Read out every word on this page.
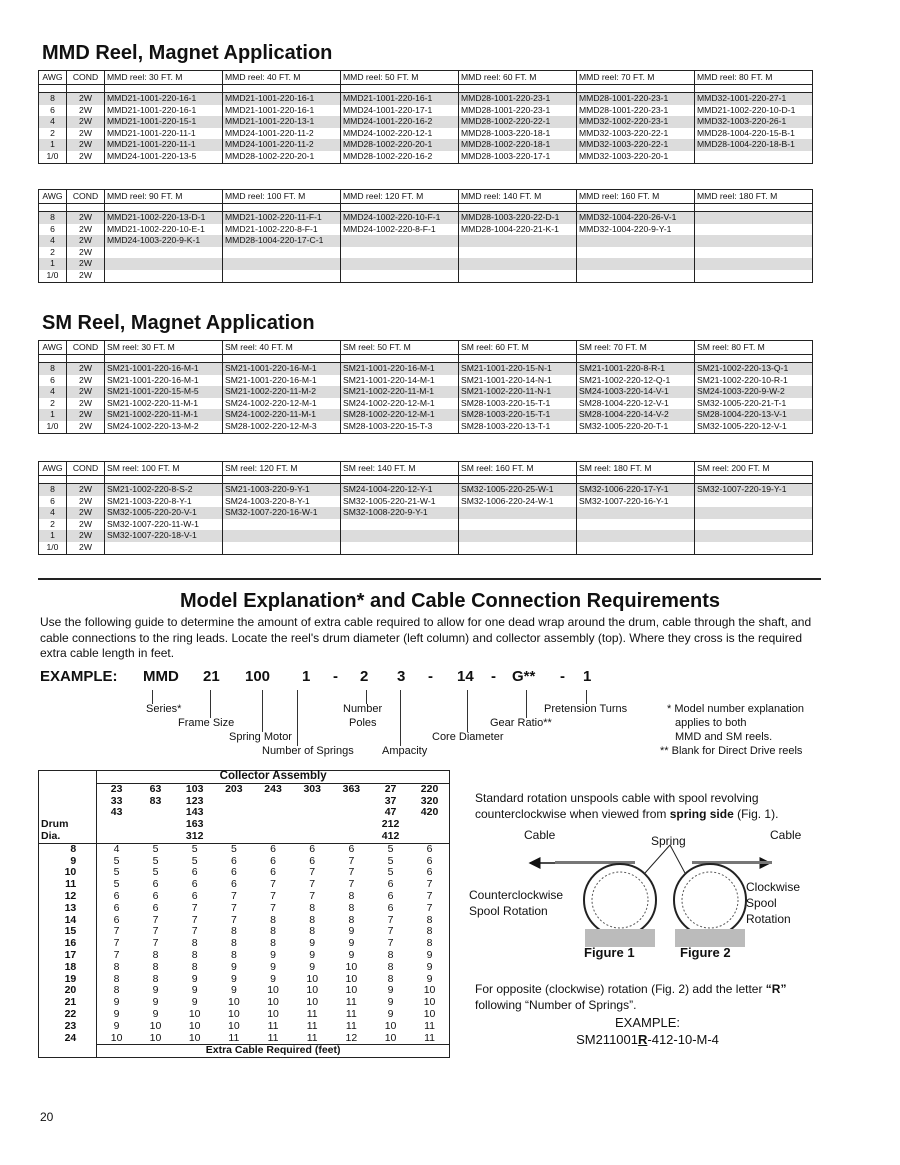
MMD Reel, Magnet Application
AWG	COND	MMD reel: 30 FT. M	MMD reel: 40 FT. M	MMD reel: 50 FT. M	MMD reel: 60 FT. M	MMD reel: 70 FT. M	MMD reel: 80 FT. M

8	2W	MMD21-1001-220-16-1	MMD21-1001-220-16-1	MMD21-1001-220-16-1	MMD28-1001-220-23-1	MMD28-1001-220-23-1	MMD32-1001-220-27-1
6	2W	MMD21-1001-220-16-1	MMD21-1001-220-16-1	MMD24-1001-220-17-1	MMD28-1001-220-23-1	MMD28-1001-220-23-1	MMD21-1002-220-10-D-1
4	2W	MMD21-1001-220-15-1	MMD21-1001-220-13-1	MMD24-1001-220-16-2	MMD28-1002-220-22-1	MMD32-1002-220-23-1	MMD32-1003-220-26-1
2	2W	MMD21-1001-220-11-1	MMD24-1001-220-11-2	MMD24-1002-220-12-1	MMD28-1003-220-18-1	MMD32-1003-220-22-1	MMD28-1004-220-15-B-1
1	2W	MMD21-1001-220-11-1	MMD24-1001-220-11-2	MMD28-1002-220-20-1	MMD28-1002-220-18-1	MMD32-1003-220-22-1	MMD28-1004-220-18-B-1
1/0	2W	MMD24-1001-220-13-5	MMD28-1002-220-20-1	MMD28-1002-220-16-2	MMD28-1003-220-17-1	MMD32-1003-220-20-1	
AWG	COND	MMD reel: 90 FT. M	MMD reel: 100 FT. M	MMD reel: 120 FT. M	MMD reel: 140 FT. M	MMD reel: 160 FT. M	MMD reel: 180 FT. M

8	2W	MMD21-1002-220-13-D-1	MMD21-1002-220-11-F-1	MMD24-1002-220-10-F-1	MMD28-1003-220-22-D-1	MMD32-1004-220-26-V-1	
6	2W	MMD21-1002-220-10-E-1	MMD21-1002-220-8-F-1	MMD24-1002-220-8-F-1	MMD28-1004-220-21-K-1	MMD32-1004-220-9-Y-1	
4	2W	MMD24-1003-220-9-K-1	MMD28-1004-220-17-C-1				
2	2W						
1	2W						
1/0	2W						
SM Reel, Magnet Application
AWG	COND	SM reel: 30 FT. M	SM reel: 40 FT. M	SM reel: 50 FT. M	SM reel: 60 FT. M	SM reel: 70 FT. M	SM reel: 80 FT. M

8	2W	SM21-1001-220-16-M-1	SM21-1001-220-16-M-1	SM21-1001-220-16-M-1	SM21-1001-220-15-N-1	SM21-1001-220-8-R-1	SM21-1002-220-13-Q-1
6	2W	SM21-1001-220-16-M-1	SM21-1001-220-16-M-1	SM21-1001-220-14-M-1	SM21-1001-220-14-N-1	SM21-1002-220-12-Q-1	SM21-1002-220-10-R-1
4	2W	SM21-1001-220-15-M-5	SM21-1002-220-11-M-2	SM21-1002-220-11-M-1	SM21-1002-220-11-N-1	SM24-1003-220-14-V-1	SM24-1003-220-9-W-2
2	2W	SM21-1002-220-11-M-1	SM24-1002-220-12-M-1	SM24-1002-220-12-M-1	SM28-1003-220-15-T-1	SM28-1004-220-12-V-1	SM32-1005-220-21-T-1
1	2W	SM21-1002-220-11-M-1	SM24-1002-220-11-M-1	SM28-1002-220-12-M-1	SM28-1003-220-15-T-1	SM28-1004-220-14-V-2	SM28-1004-220-13-V-1
1/0	2W	SM24-1002-220-13-M-2	SM28-1002-220-12-M-3	SM28-1003-220-15-T-3	SM28-1003-220-13-T-1	SM32-1005-220-20-T-1	SM32-1005-220-12-V-1
AWG	COND	SM reel: 100 FT. M	SM reel: 120 FT. M	SM reel: 140 FT. M	SM reel: 160 FT. M	SM reel: 180 FT. M	SM reel: 200 FT. M

8	2W	SM21-1002-220-8-S-2	SM21-1003-220-9-Y-1	SM24-1004-220-12-Y-1	SM32-1005-220-25-W-1	SM32-1006-220-17-Y-1	SM32-1007-220-19-Y-1
6	2W	SM21-1003-220-8-Y-1	SM24-1003-220-8-Y-1	SM32-1005-220-21-W-1	SM32-1006-220-24-W-1	SM32-1007-220-16-Y-1	
4	2W	SM32-1005-220-20-V-1	SM32-1007-220-16-W-1	SM32-1008-220-9-Y-1			
2	2W	SM32-1007-220-11-W-1					
1	2W	SM32-1007-220-18-V-1					
1/0	2W						
Model Explanation* and Cable Connection Requirements
Use the following guide to determine the amount of extra cable required to allow for one dead wrap around the drum, cable through the shaft, and cable connections to the ring leads. Locate the reel's drum diameter (left column) and collector assembly (top). Where they cross is the required extra cable length in feet.
EXAMPLE: MMD 21 100 1 - 2 3 - 14 - G** - 1
Series*
Frame Size
Spring Motor
Number of Springs
Number
Poles
Ampacity
Core Diameter
Gear Ratio**
Pretension Turns	* Model number explanation
applies to both
MMD and SM reels.
** Blank for Direct Drive reels
	Collector Assembly								
	23	63	103	203	243	303	363	27	220
	33	83	123					37	320
	43		143					47	420
Drum			163					212	
Dia.			312					412	
8	4	5	5	5	6	6	6	5	6
9	5	5	5	6	6	6	7	5	6
10	5	5	6	6	6	7	7	5	6
11	5	6	6	6	7	7	7	6	7
12	6	6	6	7	7	7	8	6	7
13	6	6	7	7	7	8	8	6	7
14	6	7	7	7	8	8	8	7	8
15	7	7	7	8	8	8	9	7	8
16	7	7	8	8	8	9	9	7	8
17	7	8	8	8	9	9	9	8	9
18	8	8	8	9	9	9	10	8	9
19	8	8	9	9	9	10	10	8	9
20	8	9	9	9	10	10	10	9	10
21	9	9	9	10	10	10	11	9	10
22	9	9	10	10	10	11	11	9	10
23	9	10	10	10	11	11	11	10	11
24	10	10	10	11	11	11	12	10	11
	Extra Cable Required (feet)								
Standard rotation unspools cable with spool revolving counterclockwise when viewed from spring side (Fig. 1).
Cable	Cable
Spring
Counterclockwise
Spool Rotation
Clockwise
Spool
Rotation
Figure 1	Figure 2
For opposite (clockwise) rotation (Fig. 2) add the letter “R” following “Number of Springs”.
EXAMPLE:
SM211001R-412-10-M-4
20
